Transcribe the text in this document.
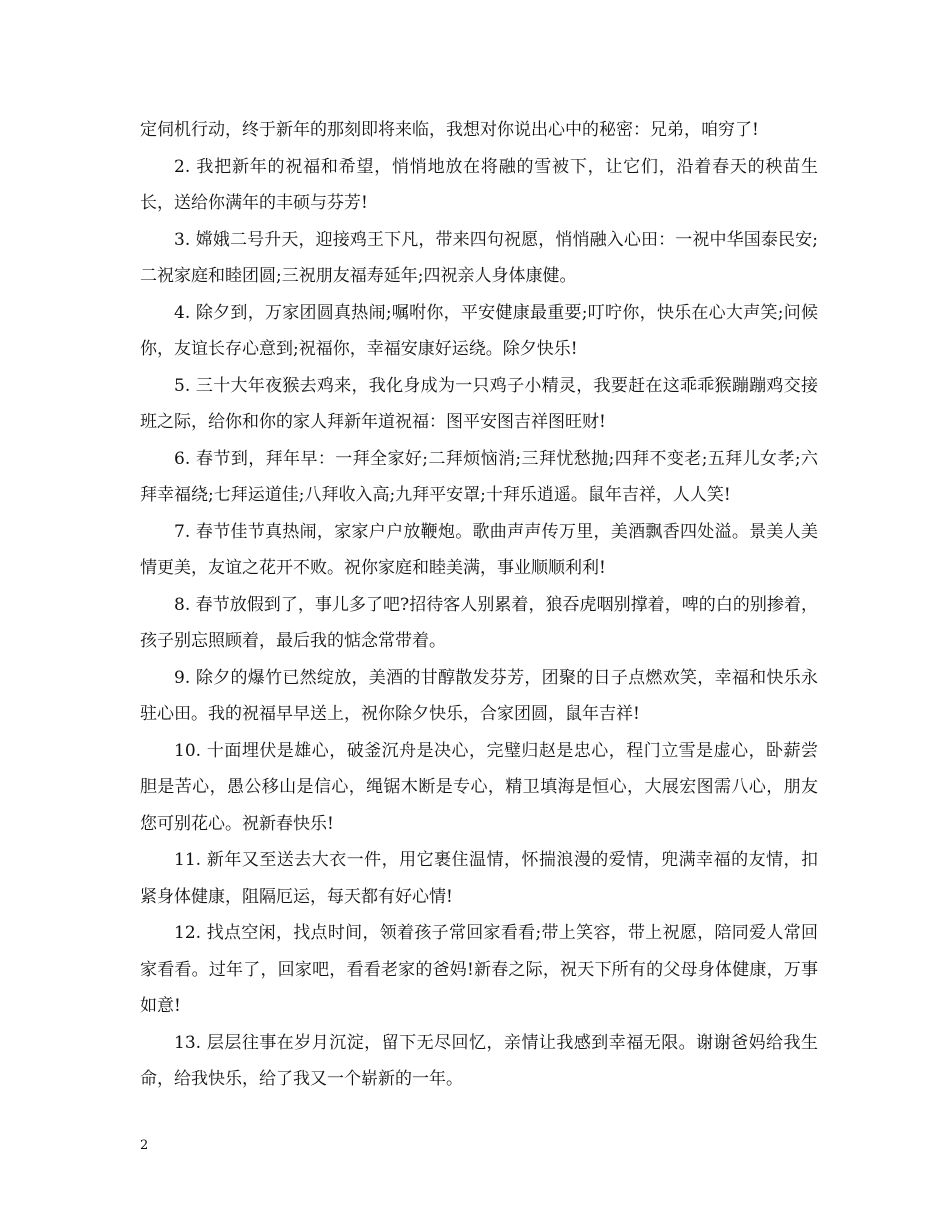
定伺机行动，终于新年的那刻即将来临，我想对你说出心中的秘密：兄弟，咱穷了!

2. 我把新年的祝福和希望，悄悄地放在将融的雪被下，让它们，沿着春天的秧苗生长，送给你满年的丰硕与芬芳!

3. 嫦娥二号升天，迎接鸡王下凡，带来四句祝愿，悄悄融入心田：一祝中华国泰民安;二祝家庭和睦团圆;三祝朋友福寿延年;四祝亲人身体康健。

4. 除夕到，万家团圆真热闹;嘱咐你，平安健康最重要;叮咛你，快乐在心大声笑;问候你，友谊长存心意到;祝福你，幸福安康好运绕。除夕快乐!

5. 三十大年夜猴去鸡来，我化身成为一只鸡子小精灵，我要赶在这乖乖猴蹦蹦鸡交接班之际，给你和你的家人拜新年道祝福：图平安图吉祥图旺财!

6. 春节到，拜年早：一拜全家好;二拜烦恼消;三拜忧愁抛;四拜不变老;五拜儿女孝;六拜幸福绕;七拜运道佳;八拜收入高;九拜平安罩;十拜乐逍遥。鼠年吉祥，人人笑!

7. 春节佳节真热闹，家家户户放鞭炮。歌曲声声传万里，美酒飘香四处溢。景美人美情更美，友谊之花开不败。祝你家庭和睦美满，事业顺顺利利!

8. 春节放假到了，事儿多了吧?招待客人别累着，狼吞虎咽别撑着，啤的白的别掺着，孩子别忘照顾着，最后我的惦念常带着。

9. 除夕的爆竹已然绽放，美酒的甘醇散发芬芳，团聚的日子点燃欢笑，幸福和快乐永驻心田。我的祝福早早送上，祝你除夕快乐，合家团圆，鼠年吉祥!

10. 十面埋伏是雄心，破釜沉舟是决心，完璧归赵是忠心，程门立雪是虚心，卧薪尝胆是苦心，愚公移山是信心，绳锯木断是专心，精卫填海是恒心，大展宏图需八心，朋友您可别花心。祝新春快乐!

11. 新年又至送去大衣一件，用它裹住温情，怀揣浪漫的爱情，兜满幸福的友情，扣紧身体健康，阻隔厄运，每天都有好心情!

12. 找点空闲，找点时间，领着孩子常回家看看;带上笑容，带上祝愿，陪同爱人常回家看看。过年了，回家吧，看看老家的爸妈!新春之际，祝天下所有的父母身体健康，万事如意!

13. 层层往事在岁月沉淀，留下无尽回忆，亲情让我感到幸福无限。谢谢爸妈给我生命，给我快乐，给了我又一个崭新的一年。

2
